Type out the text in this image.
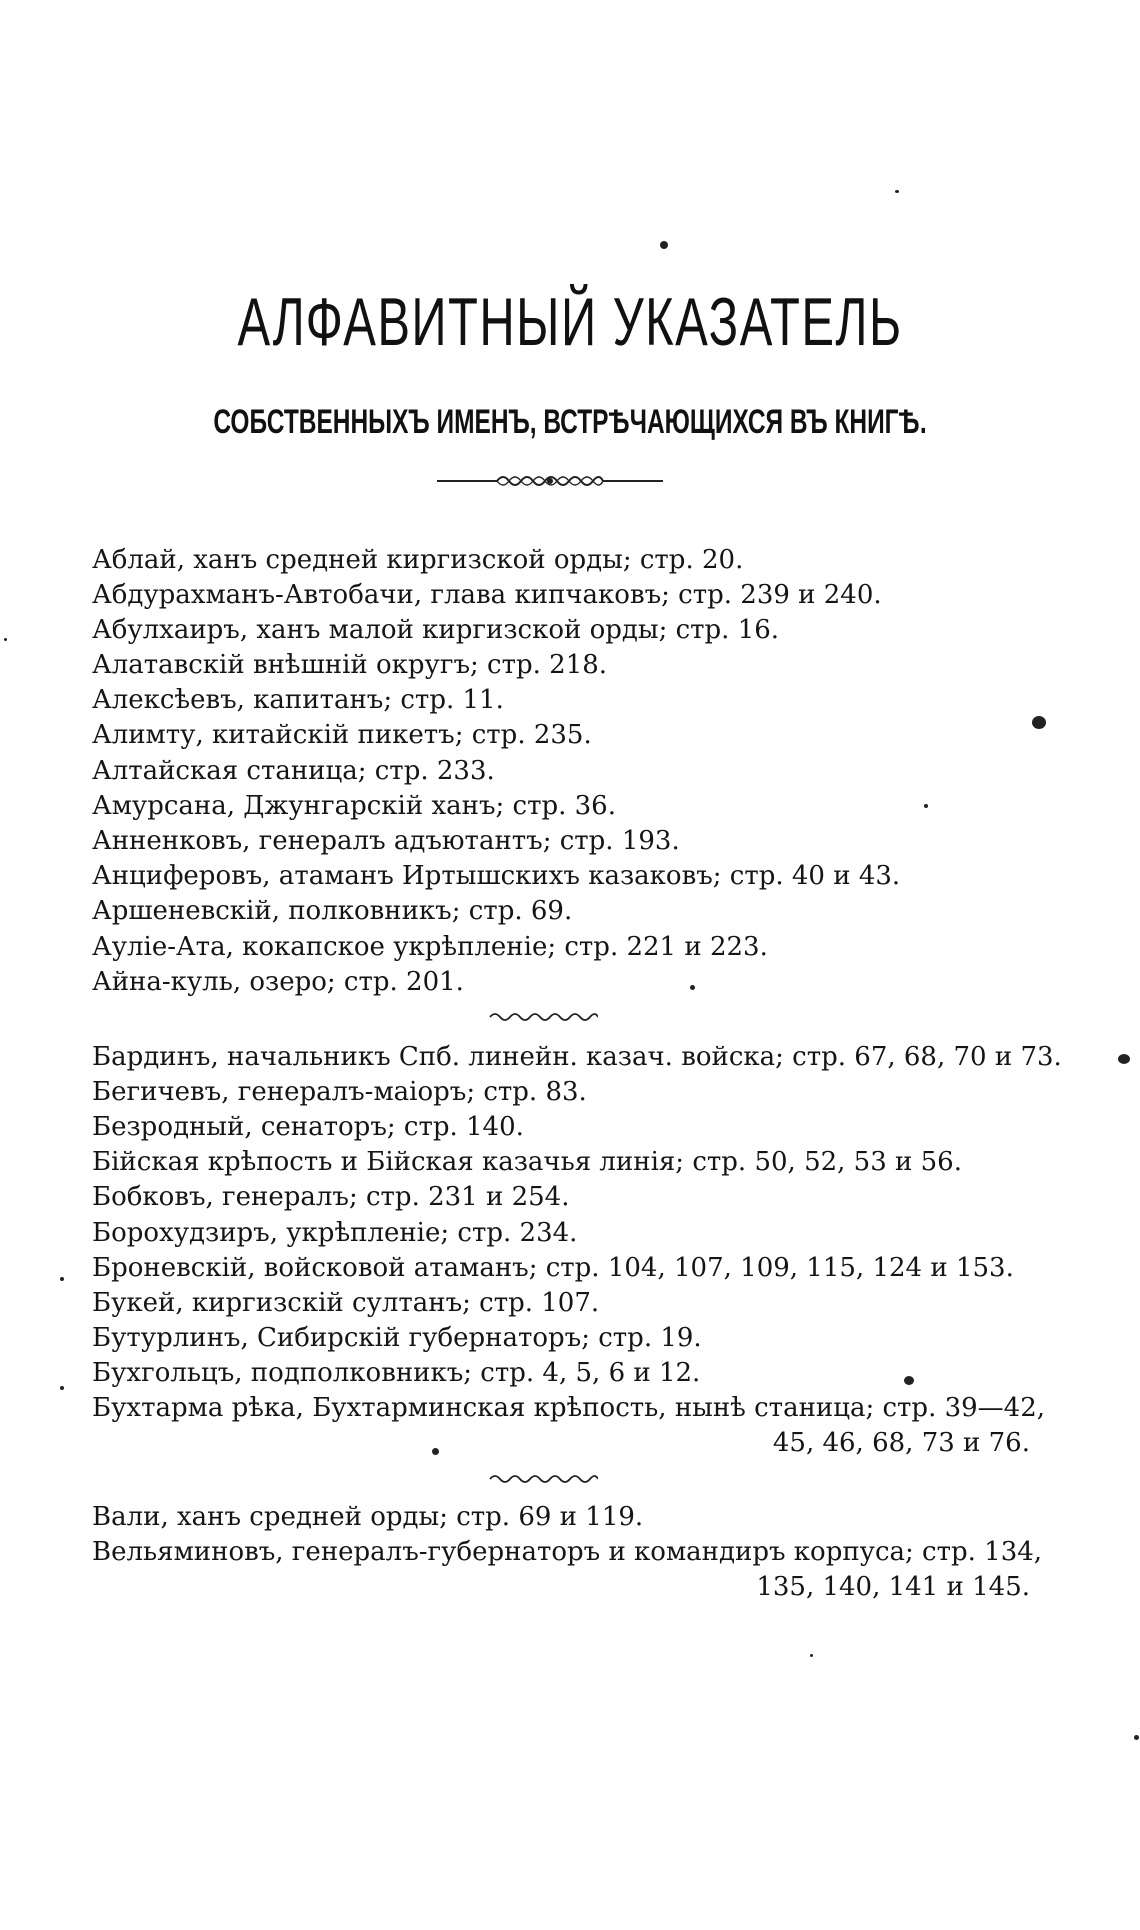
АЛФАВИТНЫЙ УКАЗАТЕЛЬ
СОБСТВЕННЫХЪ ИМЕНЪ, ВСТРѢЧАЮЩИХСЯ ВЪ КНИГѢ.
Аблай, ханъ средней киргизской орды; стр. 20.
Абдурахманъ-Автобачи, глава кипчаковъ; стр. 239 и 240.
Абулхаиръ, ханъ малой киргизской орды; стр. 16.
Алатавскій внѣшній округъ; стр. 218.
Алексѣевъ, капитанъ; стр. 11.
Алимту, китайскій пикетъ; стр. 235.
Алтайская станица; стр. 233.
Амурсана, Джунгарскій ханъ; стр. 36.
Анненковъ, генералъ адъютантъ; стр. 193.
Анциферовъ, атаманъ Иртышскихъ казаковъ; стр. 40 и 43.
Аршеневскій, полковникъ; стр. 69.
Ауліе-Ата, кокапское укрѣпленіе; стр. 221 и 223.
Айна-куль, озеро; стр. 201.
Бардинъ, начальникъ Спб. линейн. казач. войска; стр. 67, 68, 70 и 73.
Бегичевъ, генералъ-маіоръ; стр. 83.
Безродный, сенаторъ; стр. 140.
Бійская крѣпость и Бійская казачья линія; стр. 50, 52, 53 и 56.
Бобковъ, генералъ; стр. 231 и 254.
Борохудзиръ, укрѣпленіе; стр. 234.
Броневскій, войсковой атаманъ; стр. 104, 107, 109, 115, 124 и 153.
Букей, киргизскій султанъ; стр. 107.
Бутурлинъ, Сибирскій губернаторъ; стр. 19.
Бухгольцъ, подполковникъ; стр. 4, 5, 6 и 12.
Бухтарма рѣка, Бухтарминская крѣпость, нынѣ станица; стр. 39—42,
45, 46, 68, 73 и 76.
Вали, ханъ средней орды; стр. 69 и 119.
Вельяминовъ, генералъ-губернаторъ и командиръ корпуса; стр. 134,
135, 140, 141 и 145.
